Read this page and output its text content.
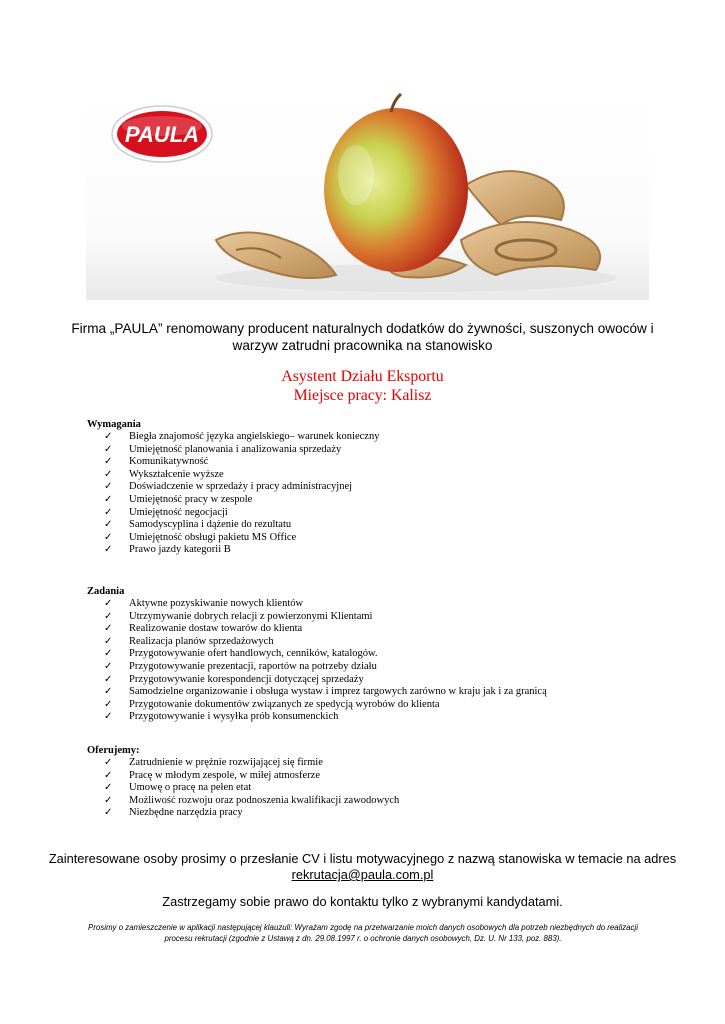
PAULA
Firma „PAULA” renomowany producent naturalnych dodatków do żywności, suszonych owoców i warzyw zatrudni pracownika na stanowisko
Asystent Działu Eksportu
Miejsce pracy: Kalisz
Wymagania
✓ Biegła znajomość języka angielskiego– warunek konieczny
✓ Umiejętność planowania i analizowania sprzedaży
✓ Komunikatywność
✓ Wykształcenie wyższe
✓ Doświadczenie w sprzedaży i pracy administracyjnej
✓ Umiejętność pracy w zespole
✓ Umiejętność negocjacji
✓ Samodyscyplina i dążenie do rezultatu
✓ Umiejętność obsługi pakietu MS Office
✓ Prawo jazdy kategorii B
Zadania
✓ Aktywne pozyskiwanie nowych klientów
✓ Utrzymywanie dobrych relacji z powierzonymi Klientami
✓ Realizowanie dostaw towarów do klienta
✓ Realizacja planów sprzedażowych
✓ Przygotowywanie ofert handlowych, cenników, katalogów.
✓ Przygotowywanie prezentacji, raportów na potrzeby działu
✓ Przygotowywanie korespondencji dotyczącej sprzedaży
✓ Samodzielne organizowanie i obsługa wystaw i imprez targowych zarówno w kraju jak i za granicą
✓ Przygotowanie dokumentów związanych ze spedycją wyrobów do klienta
✓ Przygotowywanie i wysyłka prób konsumenckich
Oferujemy:
✓ Zatrudnienie w prężnie rozwijającej się firmie
✓ Pracę w młodym zespole, w miłej atmosferze
✓ Umowę o pracę na pełen etat
✓ Możliwość rozwoju oraz podnoszenia kwalifikacji zawodowych
✓ Niezbędne narzędzia pracy
Zainteresowane osoby prosimy o przesłanie CV i listu motywacyjnego z nazwą stanowiska w temacie na adres rekrutacja@paula.com.pl
Zastrzegamy sobie prawo do kontaktu tylko z wybranymi kandydatami.
Prosimy o zamieszczenie w aplikacji następującej klauzuli: Wyrażam zgodę na przetwarzanie moich danych osobowych dla potrzeb niezbędnych do realizacji procesu rekrutacji (zgodnie z Ustawą z dn. 29.08.1997 r. o ochronie danych osobowych, Dz. U. Nr 133, poz. 883).
